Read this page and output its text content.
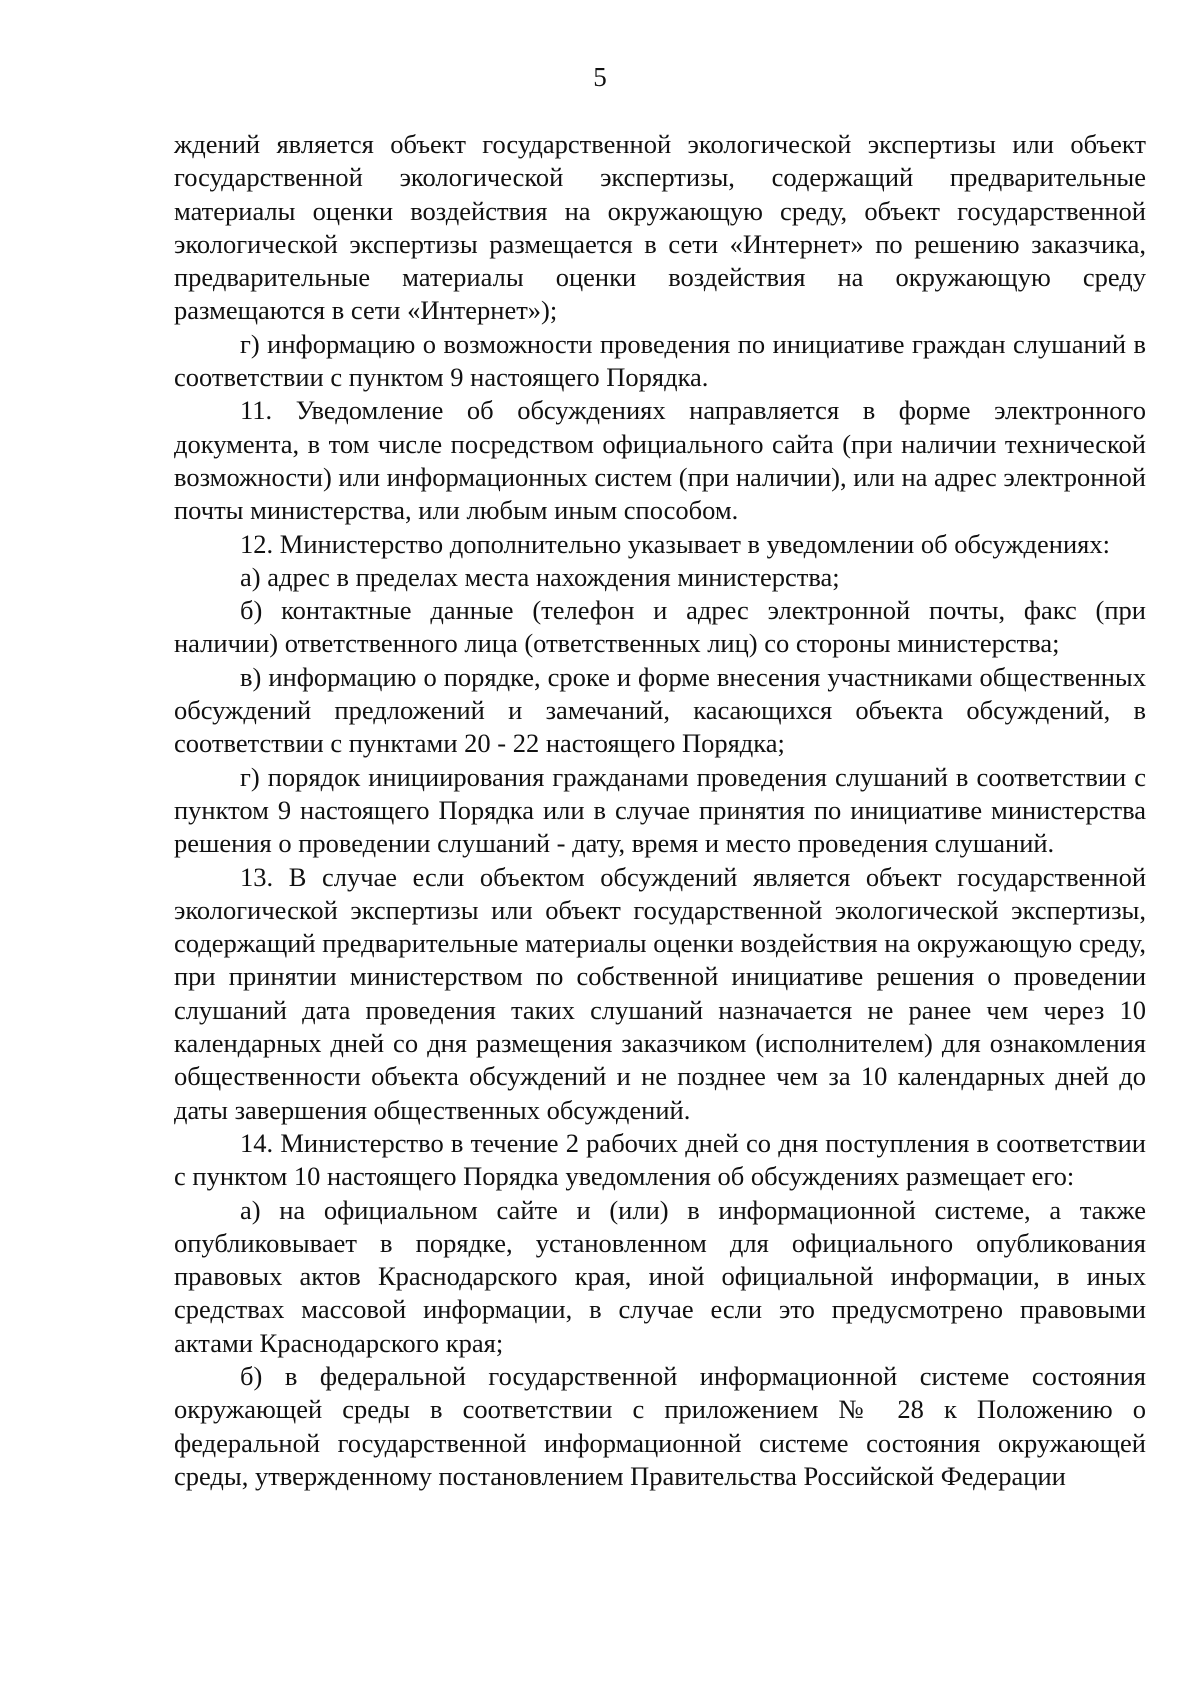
5

ждений является объект государственной экологической экспертизы или объект государственной экологической экспертизы, содержащий предварительные материалы оценки воздействия на окружающую среду, объект государственной экологической экспертизы размещается в сети «Интернет» по решению заказчика, предварительные материалы оценки воздействия на окружающую среду размещаются в сети «Интернет»);

г) информацию о возможности проведения по инициативе граждан слушаний в соответствии с пунктом 9 настоящего Порядка.

11. Уведомление об обсуждениях направляется в форме электронного документа, в том числе посредством официального сайта (при наличии технической возможности) или информационных систем (при наличии), или на адрес электронной почты министерства, или любым иным способом.

12. Министерство дополнительно указывает в уведомлении об обсуждениях:

а) адрес в пределах места нахождения министерства;

б) контактные данные (телефон и адрес электронной почты, факс (при наличии) ответственного лица (ответственных лиц) со стороны министерства;

в) информацию о порядке, сроке и форме внесения участниками общественных обсуждений предложений и замечаний, касающихся объекта обсуждений, в соответствии с пунктами 20 - 22 настоящего Порядка;

г) порядок инициирования гражданами проведения слушаний в соответствии с пунктом 9 настоящего Порядка или в случае принятия по инициативе министерства решения о проведении слушаний - дату, время и место проведения слушаний.

13. В случае если объектом обсуждений является объект государственной экологической экспертизы или объект государственной экологической экспертизы, содержащий предварительные материалы оценки воздействия на окружающую среду, при принятии министерством по собственной инициативе решения о проведении слушаний дата проведения таких слушаний назначается не ранее чем через 10 календарных дней со дня размещения заказчиком (исполнителем) для ознакомления общественности объекта обсуждений и не позднее чем за 10 календарных дней до даты завершения общественных обсуждений.

14. Министерство в течение 2 рабочих дней со дня поступления в соответствии с пунктом 10 настоящего Порядка уведомления об обсуждениях размещает его:

а) на официальном сайте и (или) в информационной системе, а также опубликовывает в порядке, установленном для официального опубликования правовых актов Краснодарского края, иной официальной информации, в иных средствах массовой информации, в случае если это предусмотрено правовыми актами Краснодарского края;

б) в федеральной государственной информационной системе состояния окружающей среды в соответствии с приложением № 28 к Положению о федеральной государственной информационной системе состояния окружающей среды, утвержденному постановлением Правительства Российской Федерации
